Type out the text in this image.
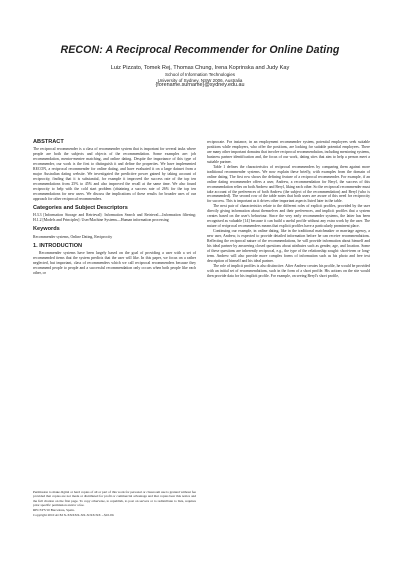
RECON: A Reciprocal Recommender for Online Dating
Luiz Pizzato, Tomek Rej, Thomas Chung, Irena Koprinska and Judy Kay
School of Information Technologies
University of Sydney, NSW 2006, Australia
{forename.surname}@sydney.edu.au
ABSTRACT

The reciprocal recommender is a class of recommender system that is important for several tasks where people are both the subjects and objects of the recommendation. Some examples are: job recommendation, mentor-mentee matching, and online dating. Despite the importance of this type of recommender, our work is the first to distinguish it and define the properties. We have implemented RECON, a reciprocal recommender for online dating, and have evaluated it on a large dataset from a major Australian dating website. We investigated the predictive power gained by taking account of reciprocity, finding that it is substantial, for example it improved the success rate of the top ten recommendations from 25% to 45% and also improved the recall at the same time. We also found reciprocity to help with the cold start problem (obtaining a success rate of 26% for the top ten recommendations for new users. We discuss the implications of these results for broader uses of our approach for other reciprocal recommenders.

Categories and Subject Descriptors

H.3.3 [Information Storage and Retrieval]: Information Search and Retrieval—Information filtering; H.1.2 [Models and Principles]: User/Machine Systems—Human information processing

Keywords

Recommender systems, Online Dating, Reciprocity

1. INTRODUCTION

Recommender systems have been largely based on the goal of providing a user with a set of recommended items that the system predicts that the user will like. In this paper, we focus on a rather neglected, but important, class of recommenders which we call reciprocal recommenders because they recommend people to people and a successful recommendation only occurs when both people like each other, or

Permission to make digital or hard copies of all or part of this work for personal or classroom use is granted without fee provided that copies are not made or distributed for profit or commercial advantage and that copies bear this notice and the full citation on the first page. To copy otherwise, to republish, to post on servers or to redistribute to lists, requires prior specific permission and/or a fee.

RECSYS'10 Barcelona, Spain.

Copyright 2010 ACM X-XXXXX-XX-X/XX/XX ...$10.00.

reciprocate. For instance, in an employment recommender system, potential employees seek suitable positions while employers, who offer the positions, are looking for suitable potential employees. There are many other important domains that involve reciprocal recommendation, including mentoring systems, business partner identification and, the focus of our work, dating sites that aim to help a person meet a suitable partner.

Table 1 defines the characteristics of reciprocal recommenders by comparing them against more traditional recommender systems. We now explain these briefly, with examples from the domain of online dating. The first row shows the defining feature of a reciprocal recommender. For example, if an online dating recommender offers a user, Andrew, a recommendation for Beryl, the success of this recommendation relies on both Andrew and Beryl, liking each other. So the reciprocal recommender must take account of the preferences of both Andrew (the subject of the recommendation) and Beryl (who is recommended). The second row of the table notes that both users are aware of this need for reciprocity for success. This is important as it drives other important aspects listed later in the table.

The next pair of characteristics relate to the different roles of explicit profiles, provided by the user directly giving information about themselves and their preferences, and implicit profiles that a system creates based on the user's behaviour. Since the very early recommender systems, the latter has been recognised as valuable [14] because it can build a useful profile without any extra work by the user. The nature of reciprocal recommenders means that explicit profiles have a particularly prominent place.

Continuing our example, in online dating, like in the traditional matchmaker or marriage agency, a new user, Andrew, is expected to provide detailed information before he can receive recommendations. Reflecting the reciprocal nature of the recommendations, he will provide information about himself and his ideal partner by answering closed questions about attributes such as gender, age, and location. Some of these questions are inherently reciprocal, e.g., the type of the relationship sought: short-term or long-term. Andrew will also provide more complex forms of information such as his photo and free text description of himself and his ideal partner.

The role of implicit profiles is also distinctive. After Andrew creates his profile, he would be provided with an initial set of recommendations, such in the form of a short profile. His actions on the site would then provide data for his implicit profile. For example, on seeing Beryl's short profile,
